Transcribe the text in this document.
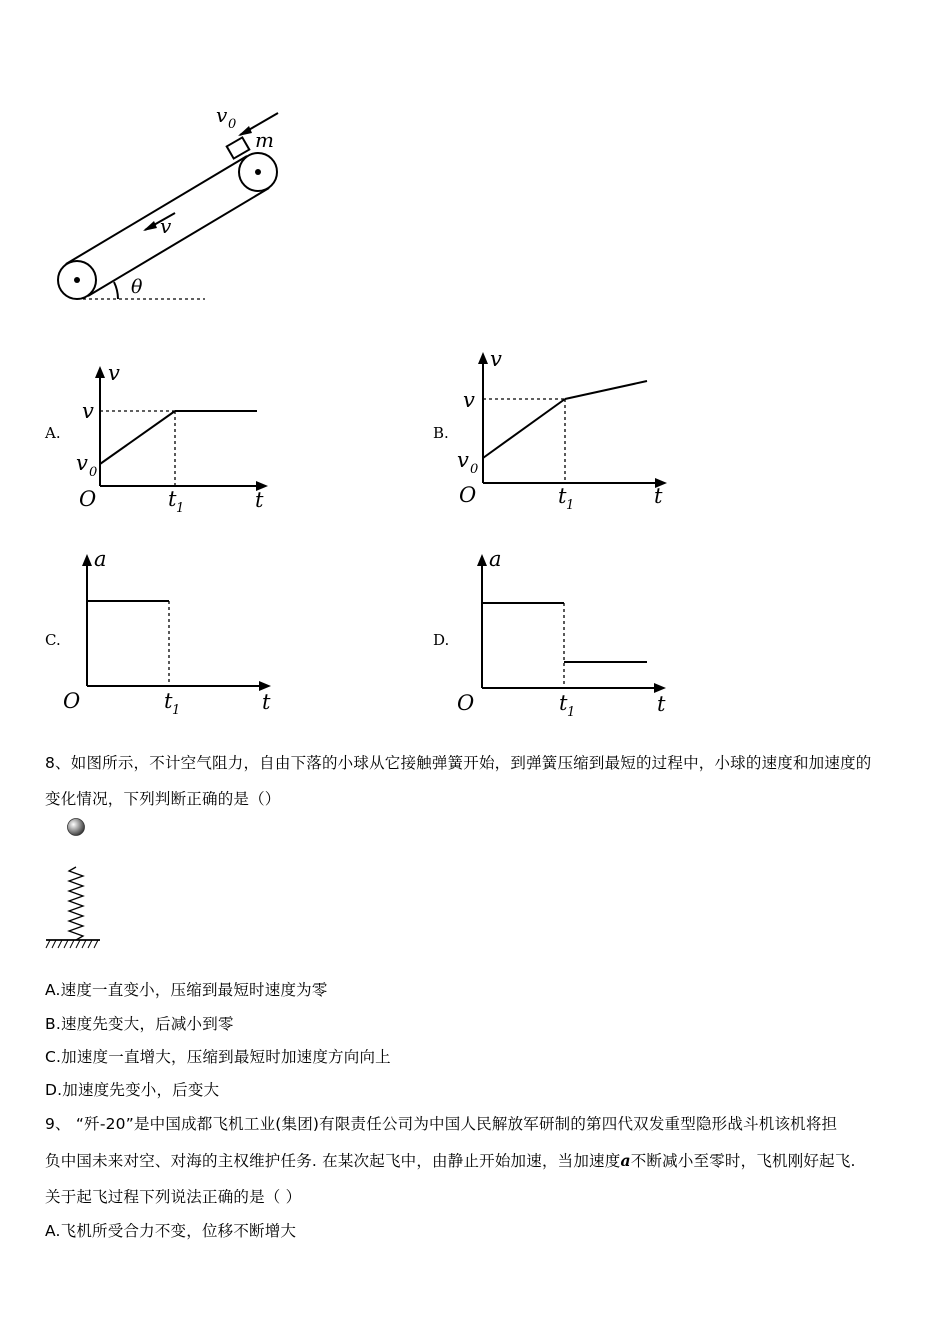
v 0
m
v
θ
A.
v
v
v 0
O	t 1	t
B.
v
v
v 0
O	t 1	t
C.
a
O	t 1	t
D.
a
O	t 1	t
8、如图所示，不计空气阻力，自由下落的小球从它接触弹簧开始，到弹簧压缩到最短的过程中，小球的速度和加速度的
变化情况，下列判断正确的是（）
A.速度一直变小，压缩到最短时速度为零
B.速度先变大，后减小到零
C.加速度一直增大，压缩到最短时加速度方向向上
D.加速度先变小，后变大
9、 “歼-20”是中国成都飞机工业(集团)有限责任公司为中国人民解放军研制的第四代双发重型隐形战斗机该机将担
负中国未来对空、对海的主权维护任务. 在某次起飞中，由静止开始加速，当加速度a不断减小至零时，飞机刚好起飞.
关于起飞过程下列说法正确的是（ ）
A.飞机所受合力不变，位移不断增大
